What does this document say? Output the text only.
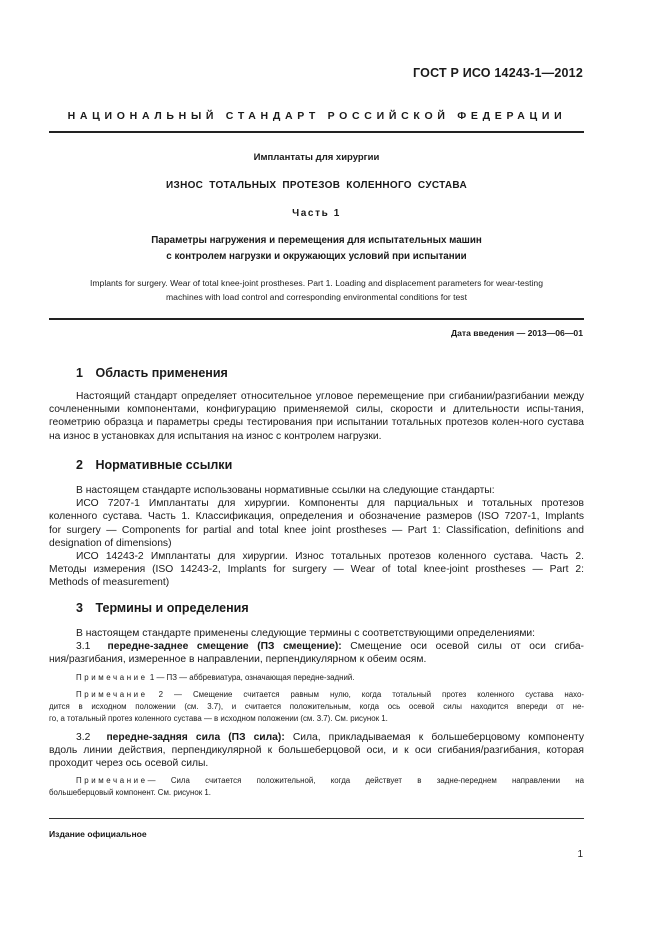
ГОСТ Р ИСО 14243-1—2012
НАЦИОНАЛЬНЫЙ СТАНДАРТ РОССИЙСКОЙ ФЕДЕРАЦИИ
Имплантаты для хирургии
ИЗНОС ТОТАЛЬНЫХ ПРОТЕЗОВ КОЛЕННОГО СУСТАВА
Часть 1
Параметры нагружения и перемещения для испытательных машин
с контролем нагрузки и окружающих условий при испытании
Implants for surgery. Wear of total knee-joint prostheses. Part 1. Loading and displacement parameters for wear-testing
machines with load control and corresponding environmental conditions for test
Дата введения — 2013—06—01
1 Область применения
Настоящий стандарт определяет относительное угловое перемещение при сгибании/разгибании между сочлененными компонентами, конфигурацию применяемой силы, скорости и длительности испы-тания, геометрию образца и параметры среды тестирования при испытании тотальных протезов колен-ного сустава на износ в установках для испытания на износ с контролем нагрузки.
2 Нормативные ссылки
В настоящем стандарте использованы нормативные ссылки на следующие стандарты:
ИСО 7207-1 Имплантаты для хирургии. Компоненты для парциальных и тотальных протезов
коленного сустава. Часть 1. Классификация, определения и обозначение размеров (ISO 7207-1, Implants
for surgery — Components for partial and total knee joint prostheses — Part 1: Classification, definitions and
designation of dimensions)
ИСО 14243-2 Имплантаты для хирургии. Износ тотальных протезов коленного сустава. Часть 2.
Методы измерения (ISO 14243-2, Implants for surgery — Wear of total knee-joint prostheses — Part 2:
Methods of measurement)
3 Термины и определения
В настоящем стандарте применены следующие термины с соответствующими определениями:
3.1 передне-заднее смещение (ПЗ смещение): Смещение оси осевой силы от оси сгиба-
ния/разгибания, измеренное в направлении, перпендикулярном к обеим осям.
Примечание 1 — ПЗ — аббревиатура, означающая передне-задний.
Примечание 2 — Смещение считается равным нулю, когда тотальный протез коленного сустава нахо-
дится в исходном положении (см. 3.7), и считается положительным, когда ось осевой силы находится впереди от не-
го, а тотальный протез коленного сустава — в исходном положении (см. 3.7). См. рисунок 1.
3.2 передне-задняя сила (ПЗ сила): Сила, прикладываемая к большеберцовому компоненту
вдоль линии действия, перпендикулярной к большеберцовой оси, и к оси сгибания/разгибания, которая
проходит через ось осевой силы.
Примечание— Сила считается положительной, когда действует в задне-переднем направлении на
большеберцовый компонент. См. рисунок 1.
Издание официальное
1
